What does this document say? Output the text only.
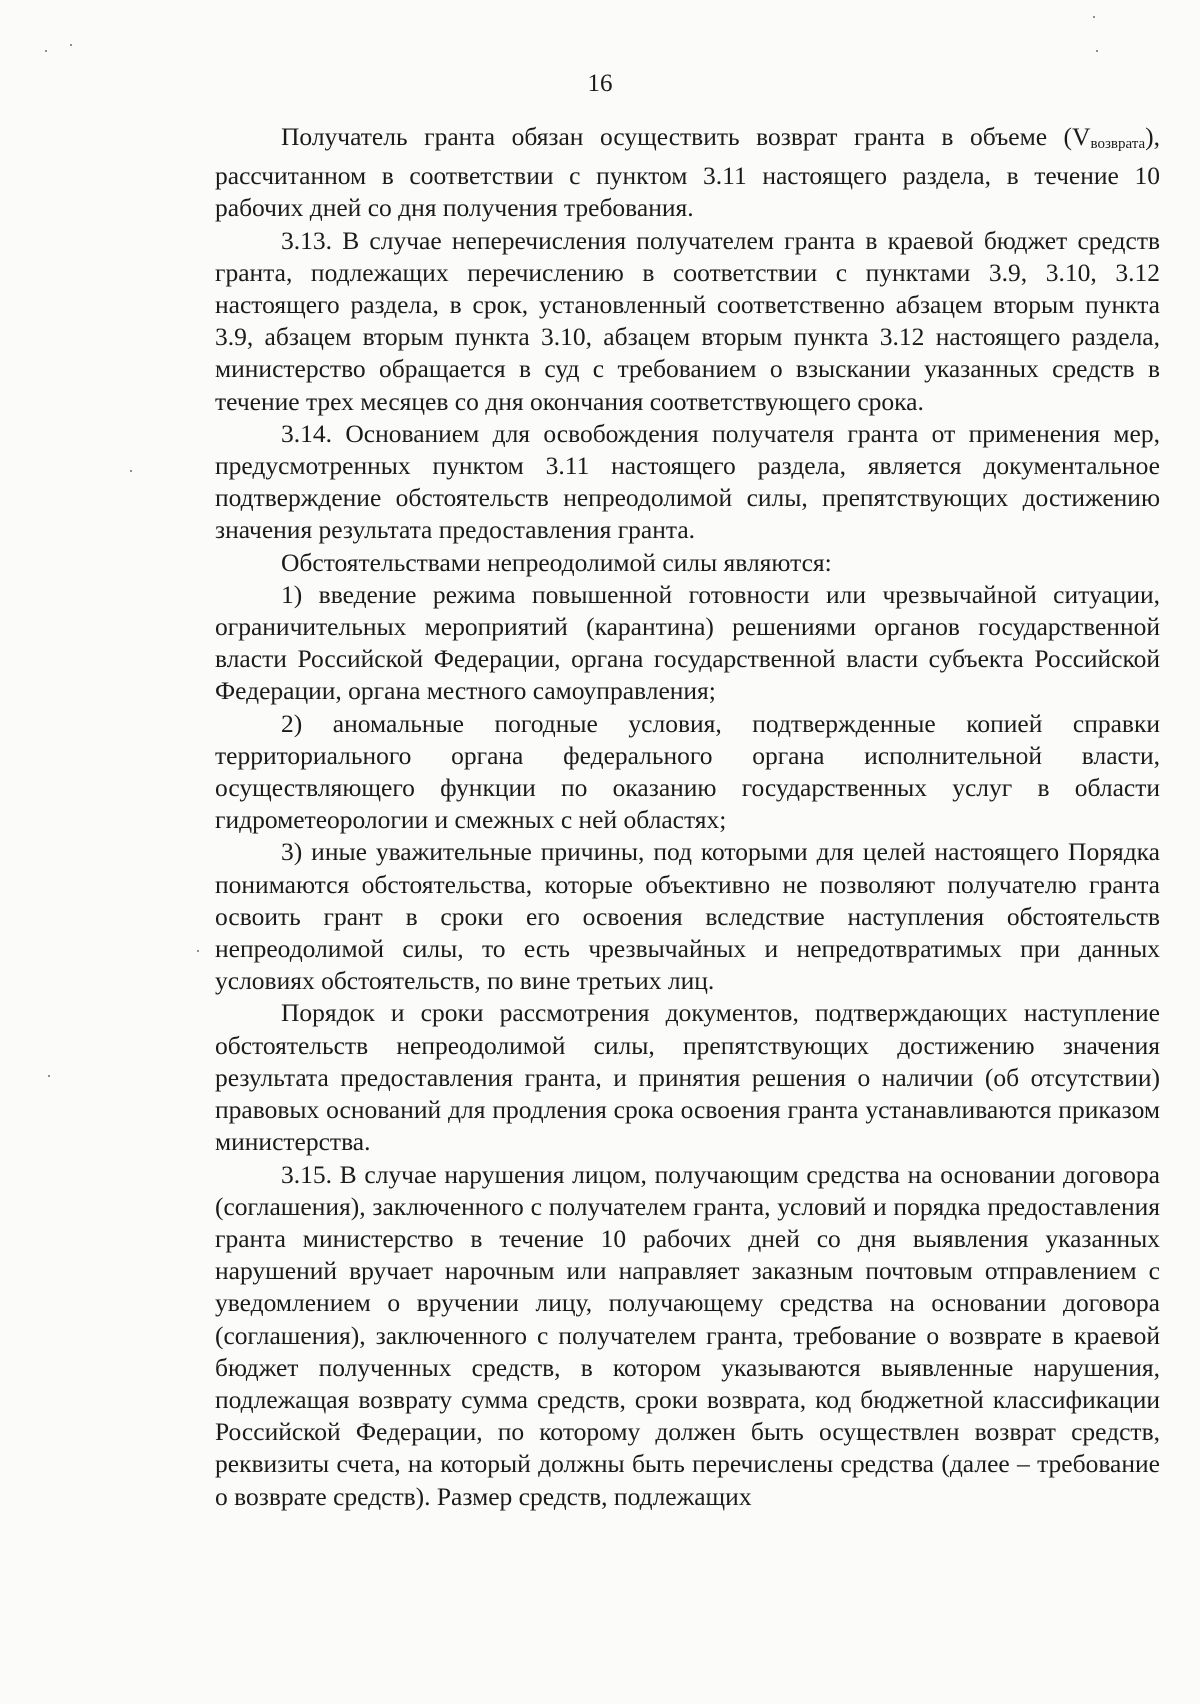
16

Получатель гранта обязан осуществить возврат гранта в объеме $(V_{возврата})$, рассчитанном в соответствии с пунктом 3.11 настоящего раздела, в течение 10 рабочих дней со дня получения требования.

3.13. В случае неперечисления получателем гранта в краевой бюджет средств гранта, подлежащих перечислению в соответствии с пунктами 3.9, 3.10, 3.12 настоящего раздела, в срок, установленный соответственно абзацем вторым пункта 3.9, абзацем вторым пункта 3.10, абзацем вторым пункта 3.12 настоящего раздела, министерство обращается в суд с требованием о взыскании указанных средств в течение трех месяцев со дня окончания соответствующего срока.

3.14. Основанием для освобождения получателя гранта от применения мер, предусмотренных пунктом 3.11 настоящего раздела, является документальное подтверждение обстоятельств непреодолимой силы, препятствующих достижению значения результата предоставления гранта.

Обстоятельствами непреодолимой силы являются:

1) введение режима повышенной готовности или чрезвычайной ситуации, ограничительных мероприятий (карантина) решениями органов государственной власти Российской Федерации, органа государственной власти субъекта Российской Федерации, органа местного самоуправления;

2) аномальные погодные условия, подтвержденные копией справки территориального органа федерального органа исполнительной власти, осуществляющего функции по оказанию государственных услуг в области гидрометеорологии и смежных с ней областях;

3) иные уважительные причины, под которыми для целей настоящего Порядка понимаются обстоятельства, которые объективно не позволяют получателю гранта освоить грант в сроки его освоения вследствие наступления обстоятельств непреодолимой силы, то есть чрезвычайных и непредотвратимых при данных условиях обстоятельств, по вине третьих лиц.

Порядок и сроки рассмотрения документов, подтверждающих наступление обстоятельств непреодолимой силы, препятствующих достижению значения результата предоставления гранта, и принятия решения о наличии (об отсутствии) правовых оснований для продления срока освоения гранта устанавливаются приказом министерства.

3.15. В случае нарушения лицом, получающим средства на основании договора (соглашения), заключенного с получателем гранта, условий и порядка предоставления гранта министерство в течение 10 рабочих дней со дня выявления указанных нарушений вручает нарочным или направляет заказным почтовым отправлением с уведомлением о вручении лицу, получающему средства на основании договора (соглашения), заключенного с получателем гранта, требование о возврате в краевой бюджет полученных средств, в котором указываются выявленные нарушения, подлежащая возврату сумма средств, сроки возврата, код бюджетной классификации Российской Федерации, по которому должен быть осуществлен возврат средств, реквизиты счета, на который должны быть перечислены средства (далее – требование о возврате средств). Размер средств, подлежащих
